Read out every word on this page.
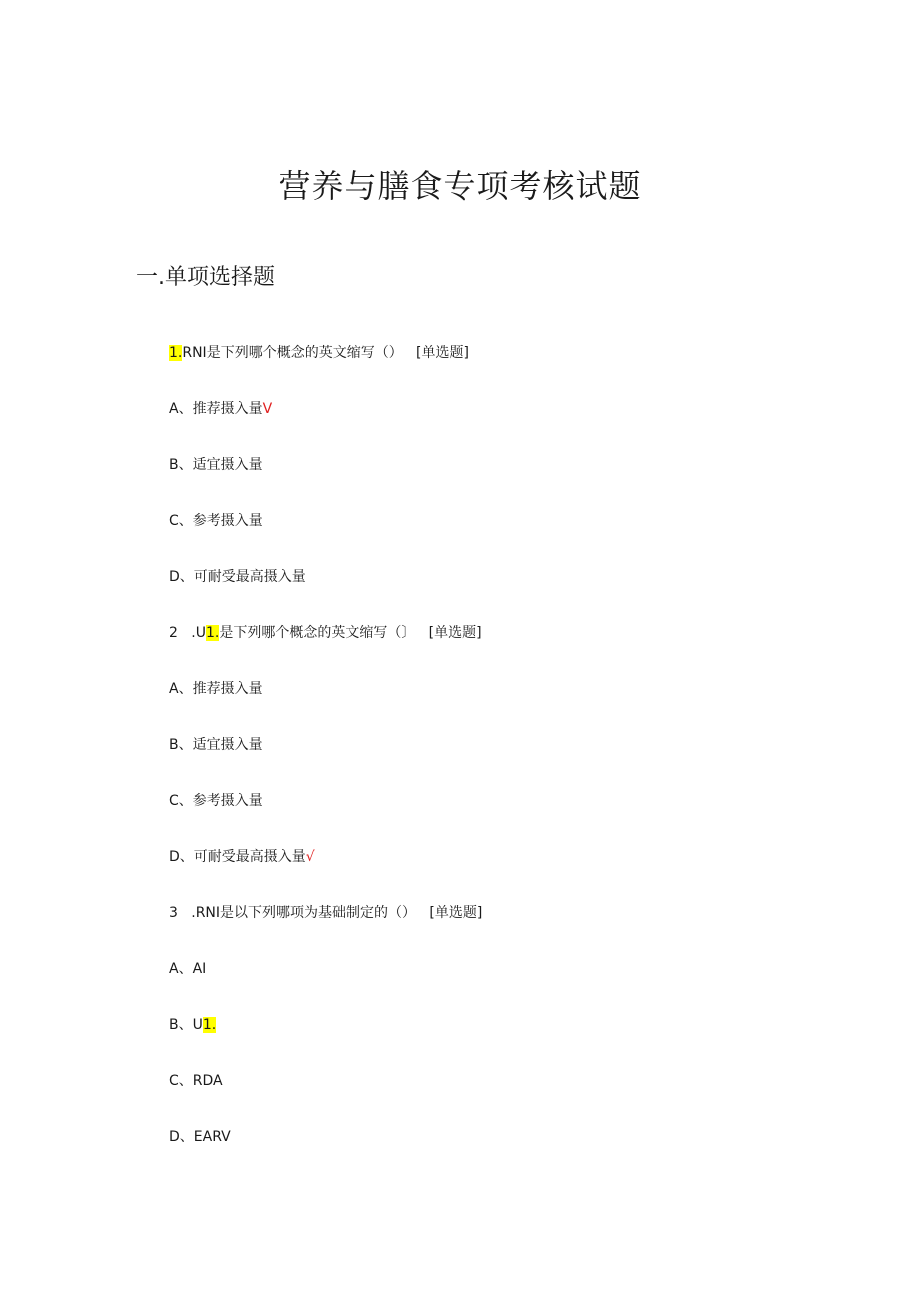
营养与膳食专项考核试题
一.单项选择题
1.RNI是下列哪个概念的英文缩写（）   [单选题]
A、推荐摄入量V
B、适宜摄入量
C、参考摄入量
D、可耐受最高摄入量
2   .U1.是下列哪个概念的英文缩写（〕   [单选题]
A、推荐摄入量
B、适宜摄入量
C、参考摄入量
D、可耐受最高摄入量√
3   .RNI是以下列哪项为基础制定的（）   [单选题]
A、AI
B、U1.
C、RDA
D、EARV
